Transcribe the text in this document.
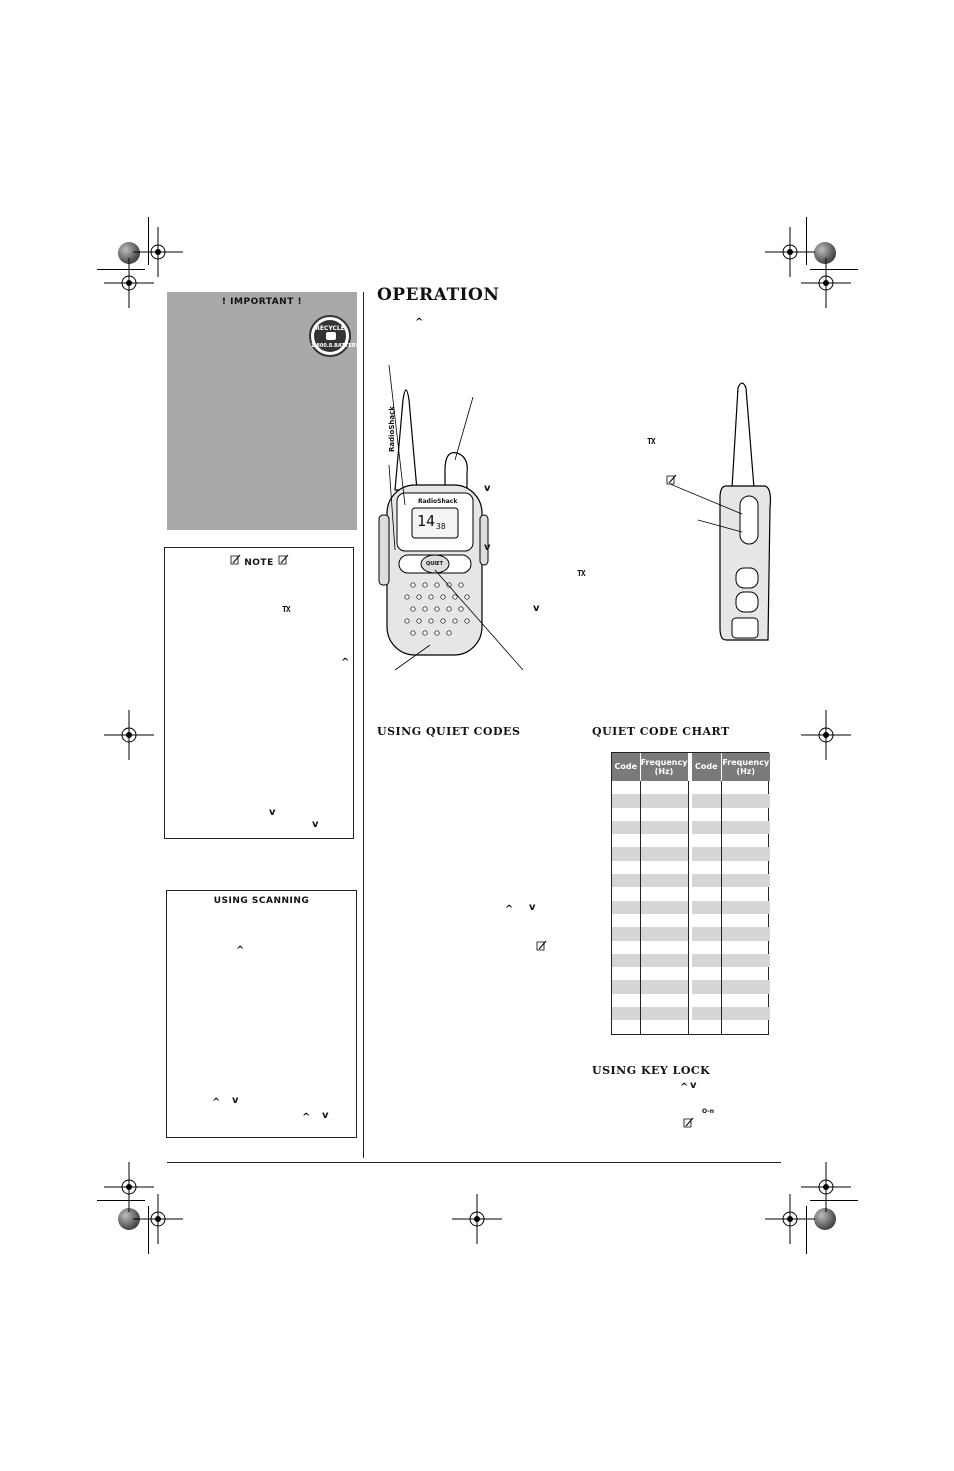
! IMPORTANT !
RECYCLE
1.800.8.BATTERY
NOTE
TX
^
v
v
USING SCANNING
^
^ v
^ v
OPERATION
^
RadioShack
RadioShack
14 38
QUIET
v
v
TX
v
TX
USING QUIET CODES
^ v
QUIET CODE CHART
Code	Frequency (Hz)		Code	Frequency (Hz)

USING KEY LOCK
^ v
O-n
